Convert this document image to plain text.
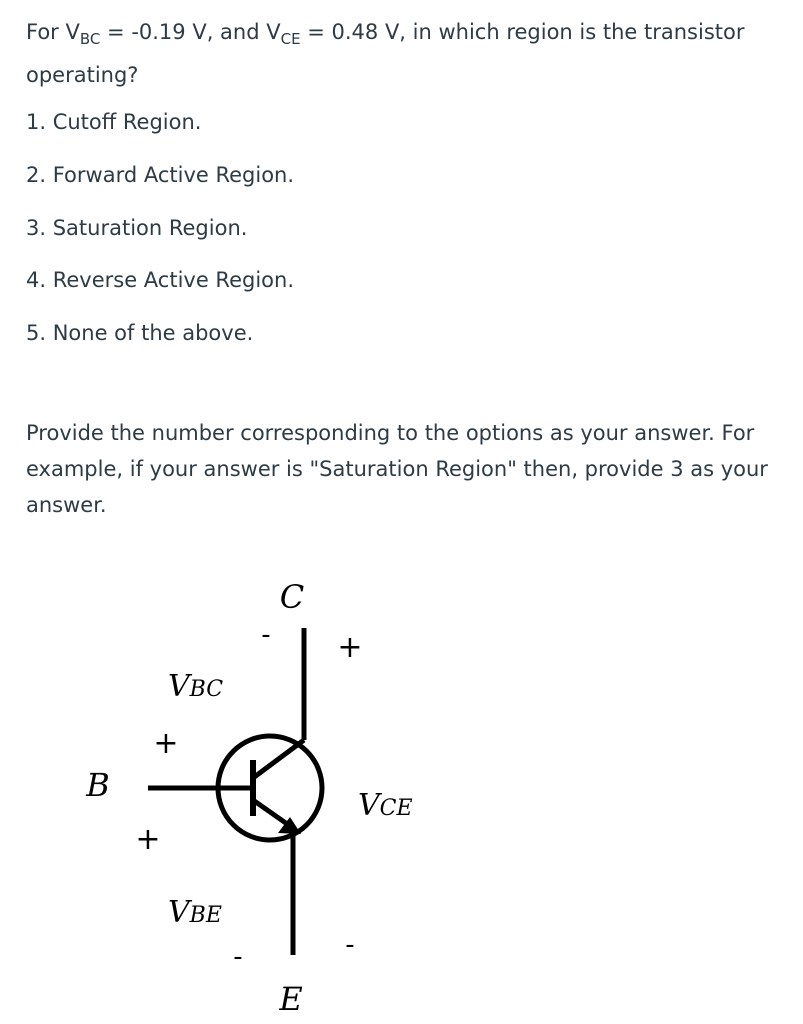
For $V_{BC} = -0.19$ V, and $V_{CE} = 0.48$ V, in which region is the transistor operating?

1. Cutoff Region.
2. Forward Active Region.
3. Saturation Region.
4. Reverse Active Region.
5. None of the above.

Provide the number corresponding to the options as your answer. For example, if your answer is "Saturation Region" then, provide 3 as your answer.

C
B
E
VBC
VBE
VCE
- +
+
+
-	-
